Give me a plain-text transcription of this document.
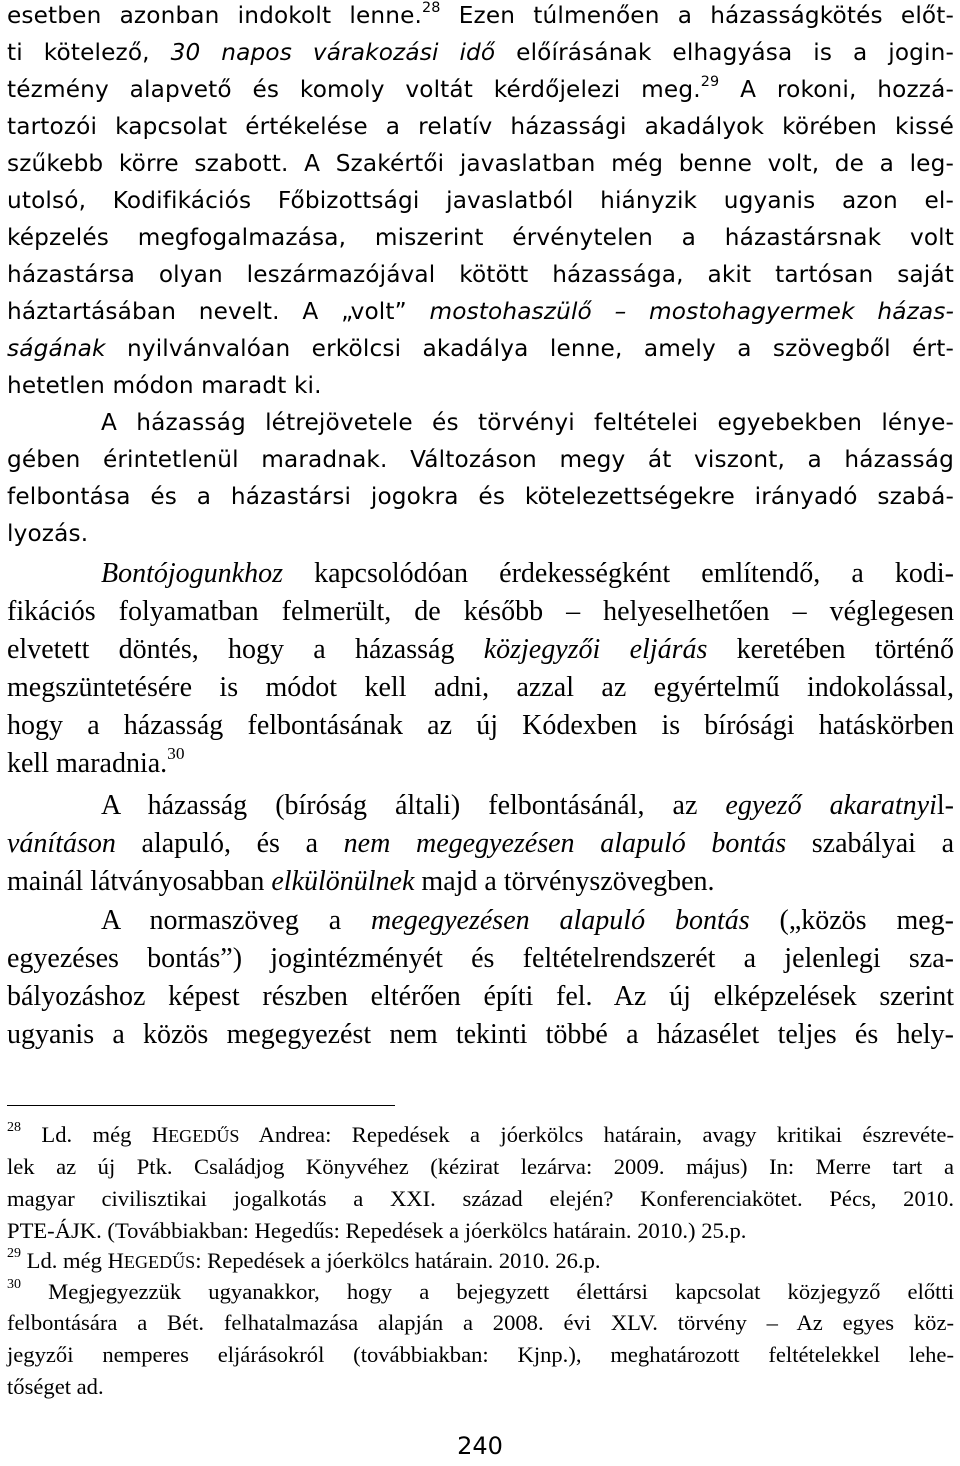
esetben azonban indokolt lenne.$^{28}$ Ezen túlmenően a házasságkötés előt-
ti kötelező, 30 napos várakozási idő előírásának elhagyása is a jogin-
tézmény alapvető és komoly voltát kérdőjelezi meg.$^{29}$ A rokoni, hozzá-
tartozói kapcsolat értékelése a relatív házassági akadályok körében kissé
szűkebb körre szabott. A Szakértői javaslatban még benne volt, de a leg-
utolsó, Kodifikációs Főbizottsági javaslatból hiányzik ugyanis azon el-
képzelés megfogalmazása, miszerint érvénytelen a házastársnak volt
házastársa olyan leszármazójával kötött házassága, akit tartósan saját
háztartásában nevelt. A „volt” mostohaszülő – mostohagyermek házas-
ságának nyilvánvalóan erkölcsi akadálya lenne, amely a szövegből ért-
hetetlen módon maradt ki.
A házasság létrejövetele és törvényi feltételei egyebekben lénye-
gében érintetlenül maradnak. Változáson megy át viszont, a házasság
felbontása és a házastársi jogokra és kötelezettségekre irányadó szabá-
lyozás.
Bontójogunkhoz kapcsolódóan érdekességként említendő, a kodi-
fikációs folyamatban felmerült, de később – helyeselhetően – véglegesen
elvetett döntés, hogy a házasság közjegyzői eljárás keretében történő
megszüntetésére is módot kell adni, azzal az egyértelmű indokolással,
hogy a házasság felbontásának az új Kódexben is bírósági hatáskörben
kell maradnia.$^{30}$
A házasság (bíróság általi) felbontásánál, az egyező akaratnyil-
vánításon alapuló, és a nem megegyezésen alapuló bontás szabályai a
mainál látványosabban elkülönülnek majd a törvényszövegben.
A normaszöveg a megegyezésen alapuló bontás („közös meg-
egyezéses bontás”) jogintézményét és feltételrendszerét a jelenlegi sza-
bályozáshoz képest részben eltérően építi fel. Az új elképzelések szerint
ugyanis a közös megegyezést nem tekinti többé a házasélet teljes és hely-
$^{28}$ Ld. még HEGEDŰS Andrea: Repedések a jóerkölcs határain, avagy kritikai észrevéte-
lek az új Ptk. Családjog Könyvéhez (kézirat lezárva: 2009. május) In: Merre tart a
magyar civilisztikai jogalkotás a XXI. század elején? Konferenciakötet. Pécs, 2010.
PTE-ÁJK. (Továbbiakban: Hegedűs: Repedések a jóerkölcs határain. 2010.) 25.p.
$^{29}$ Ld. még HEGEDŰS: Repedések a jóerkölcs határain. 2010. 26.p.
$^{30}$ Megjegyezzük ugyanakkor, hogy a bejegyzett élettársi kapcsolat közjegyző előtti
felbontására a Bét. felhatalmazása alapján a 2008. évi XLV. törvény – Az egyes köz-
jegyzői nemperes eljárásokról (továbbiakban: Kjnp.), meghatározott feltételekkel lehe-
tőséget ad.
240
